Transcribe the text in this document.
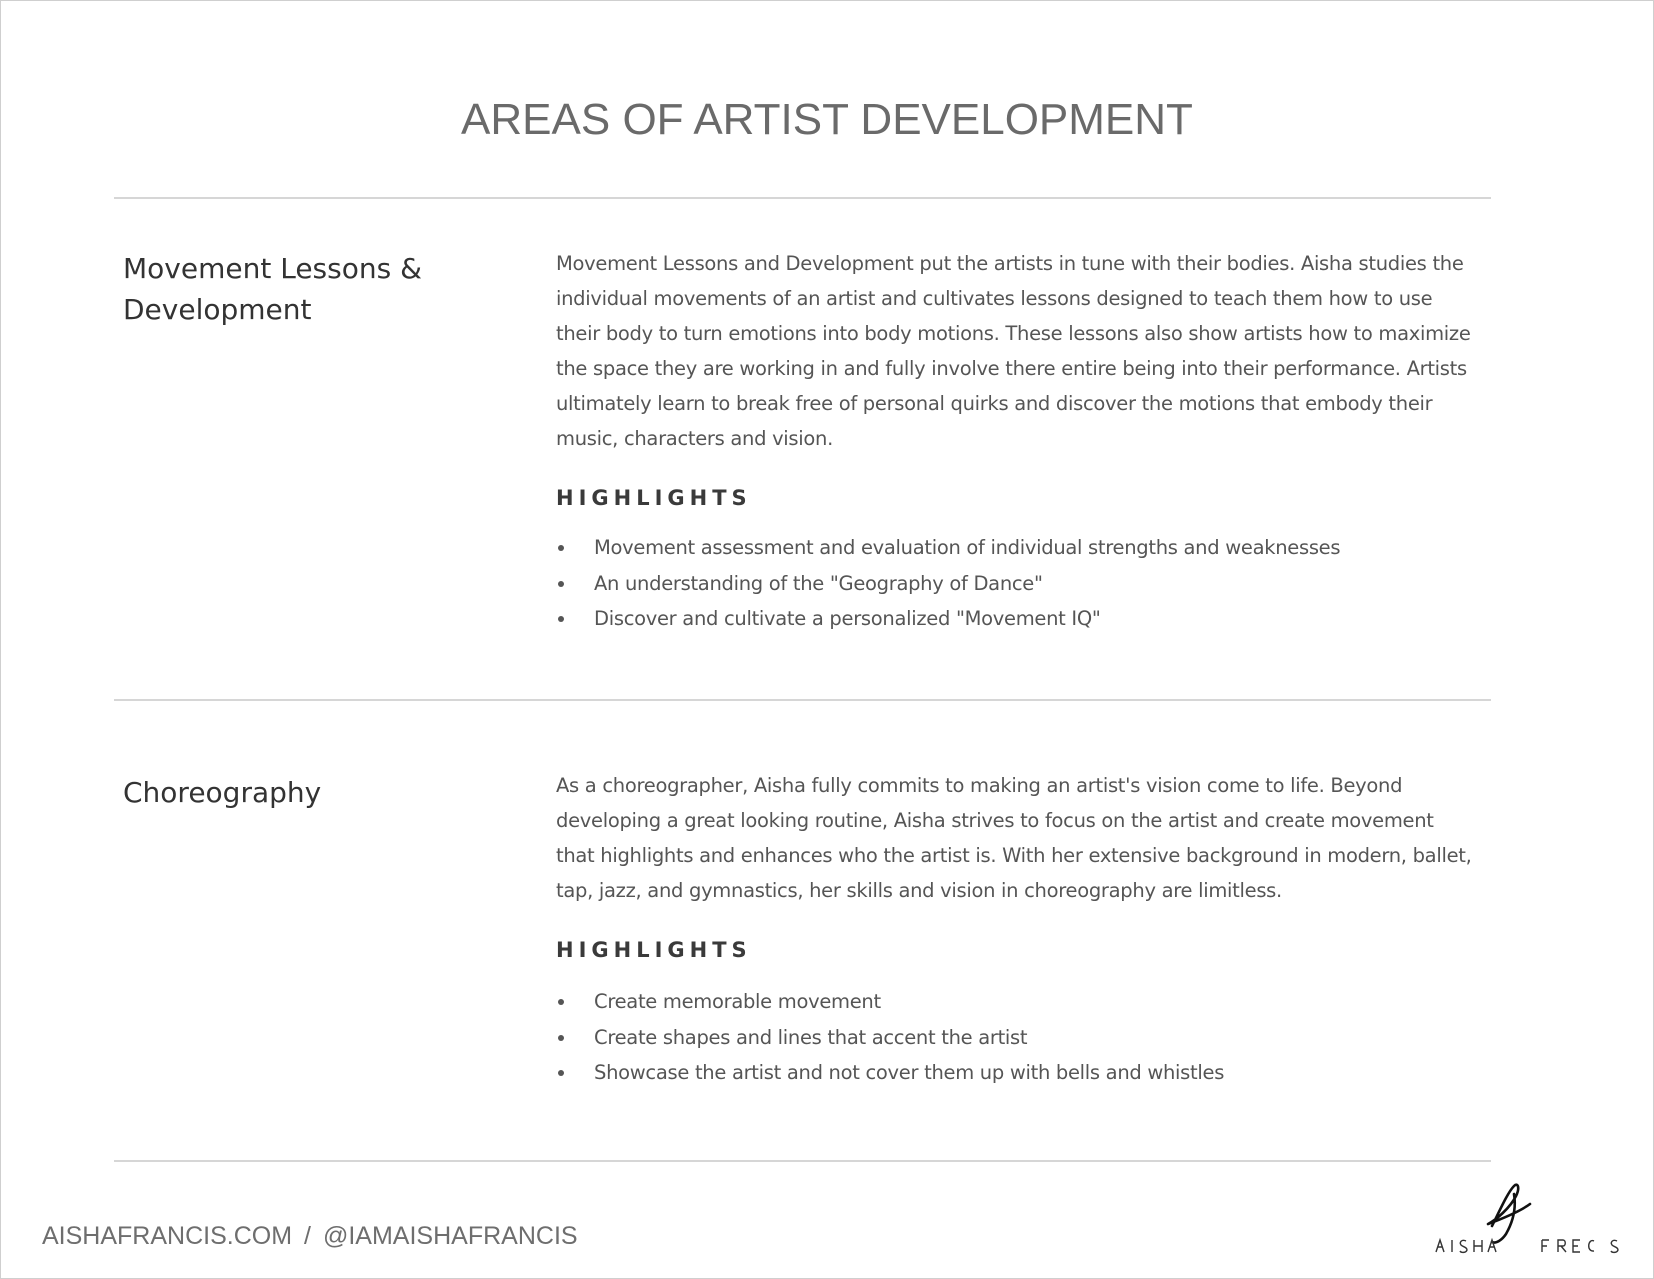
AREAS OF ARTIST DEVELOPMENT
Movement Lessons & Development

Movement Lessons and Development put the artists in tune with their bodies. Aisha studies the individual movements of an artist and cultivates lessons designed to teach them how to use their body to turn emotions into body motions. These lessons also show artists how to maximize the space they are working in and fully involve there entire being into their performance. Artists ultimately learn to break free of personal quirks and discover the motions that embody their music, characters and vision.

HIGHLIGHTS
Movement assessment and evaluation of individual strengths and weaknesses
An understanding of the "Geography of Dance"
Discover and cultivate a personalized "Movement IQ"
Choreography	As a choreographer, Aisha fully commits to making an artist's vision come to life. Beyond developing a great looking routine, Aisha strives to focus on the artist and create movement that highlights and enhances who the artist is. With her extensive background in modern, ballet, tap, jazz, and gymnastics, her skills and vision in choreography are limitless.

HIGHLIGHTS
Create memorable movement
Create shapes and lines that accent the artist
Showcase the artist and not cover them up with bells and whistles
AISHAFRANCIS.COM / @IAMAISHAFRANCIS
